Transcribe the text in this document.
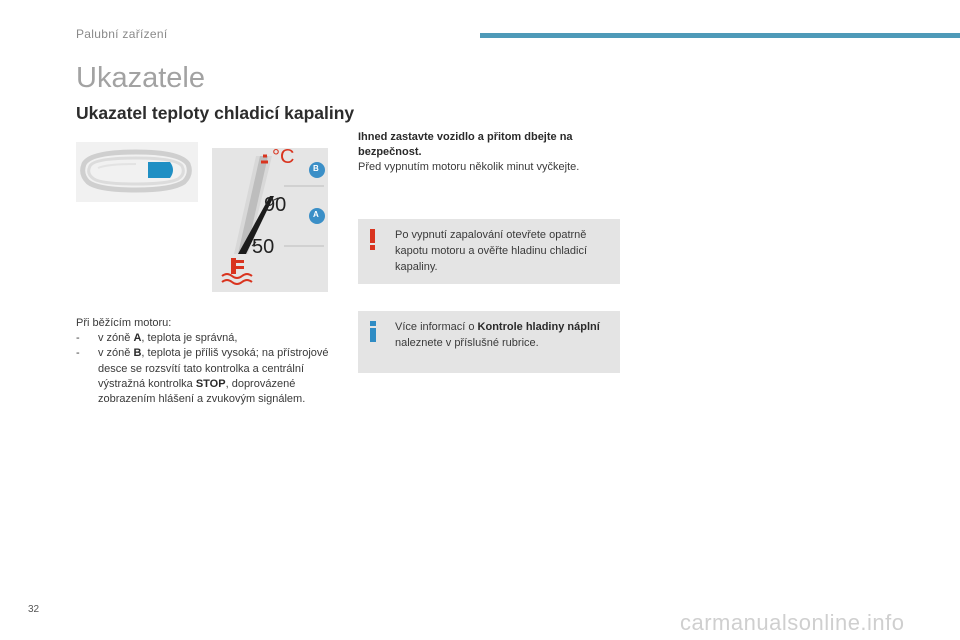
Palubní zařízení
Ukazatele
Ukazatel teploty chladicí kapaliny
°C
90
50
B
A
Při běžícím motoru:
-	v zóně A, teplota je správná,
-	v zóně B, teplota je příliš vysoká; na přístrojové desce se rozsvítí tato kontrolka a centrální výstražná kontrolka STOP, doprovázené zobrazením hlášení a zvukovým signálem.
Ihned zastavte vozidlo a přitom dbejte na bezpečnost.
Před vypnutím motoru několik minut vyčkejte.
Po vypnutí zapalování otevřete opatrně kapotu motoru a ověřte hladinu chladicí kapaliny.
Více informací o Kontrole hladiny náplní naleznete v příslušné rubrice.
32
carmanualsonline.info
